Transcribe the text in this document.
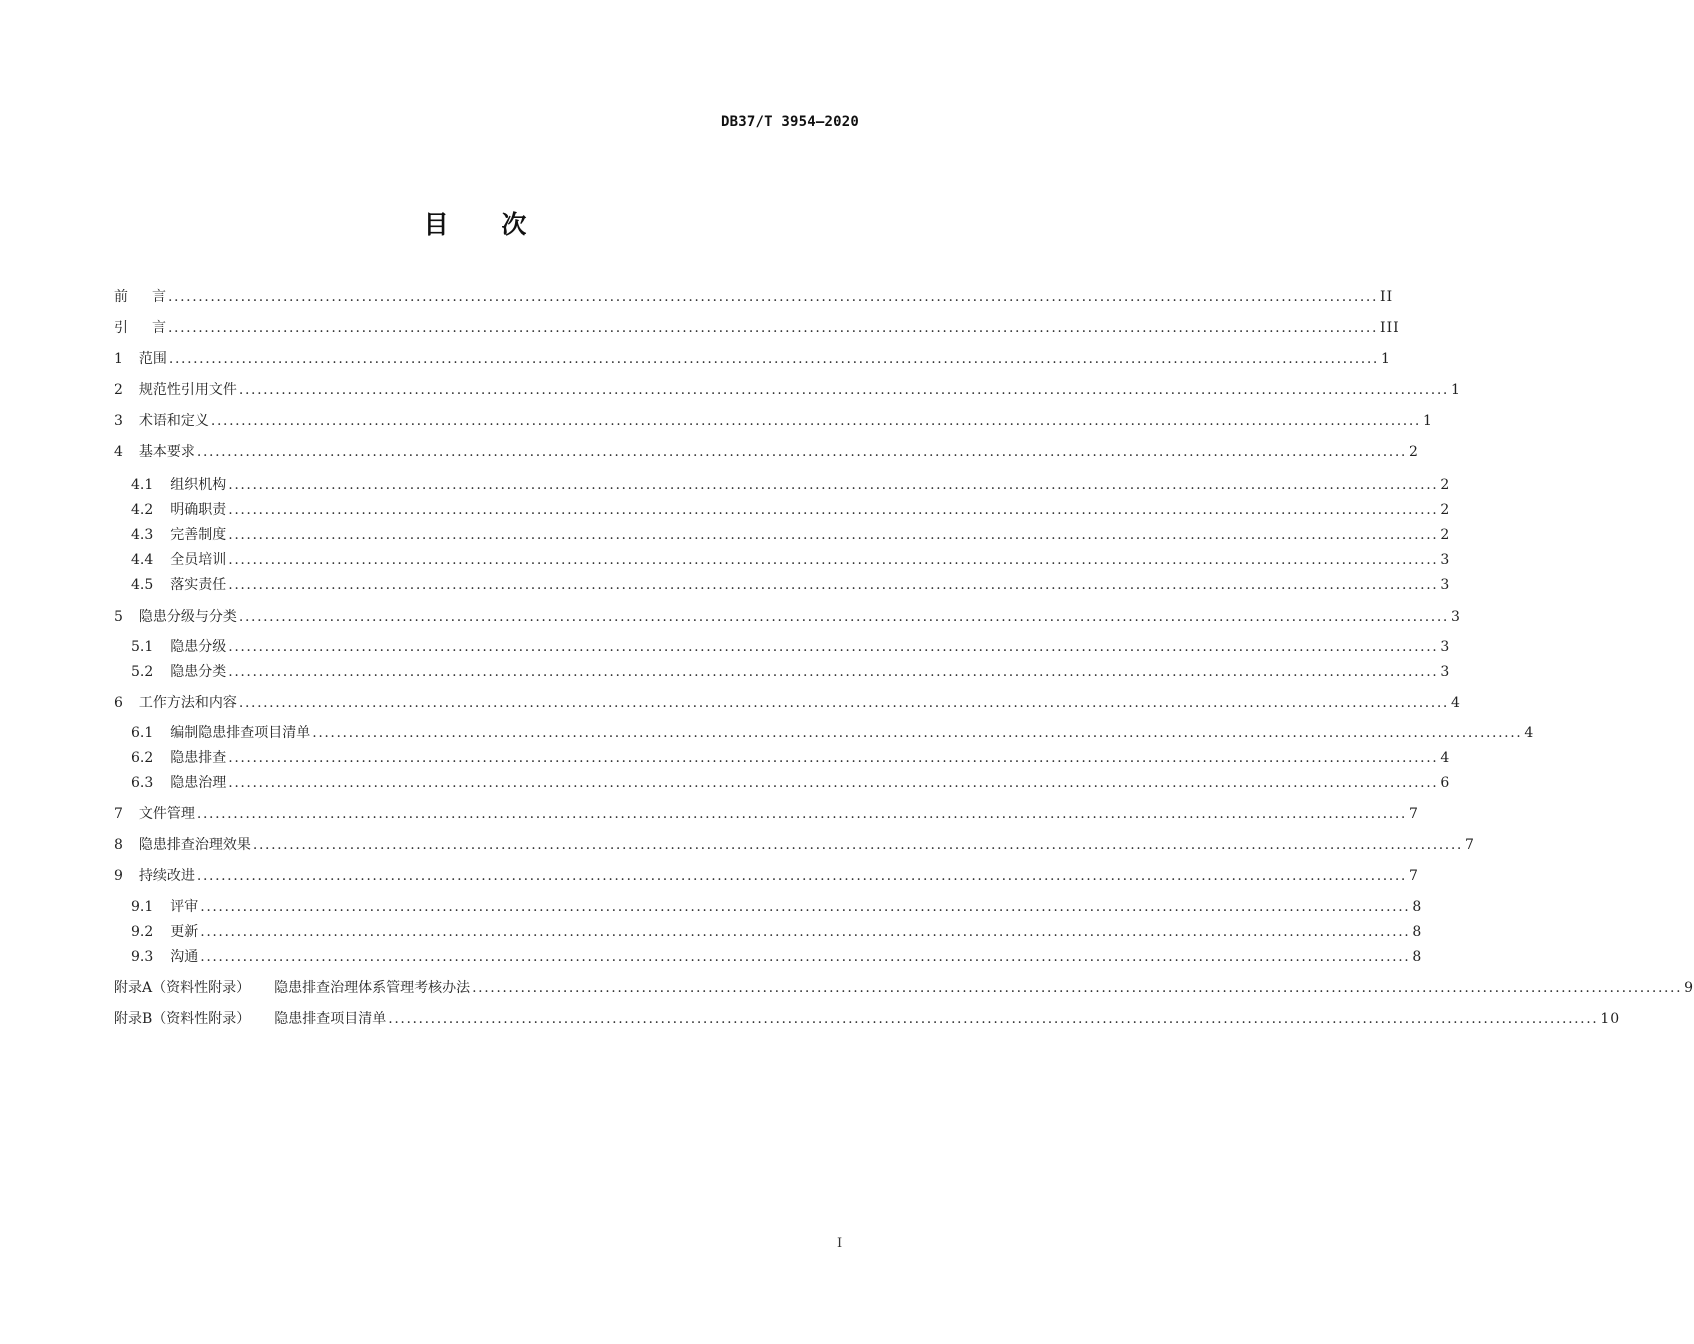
DB37/T 3954—2020
目 次
前 言 ........................................................................................................................................................................................................ II
引 言 ........................................................................................................................................................................................................ III
1 范围 ........................................................................................................................................................................................................ 1
2 规范性引用文件 ........................................................................................................................................................................................................ 1
3 术语和定义 ........................................................................................................................................................................................................ 1
4 基本要求 ........................................................................................................................................................................................................ 2
4.1 组织机构 ........................................................................................................................................................................................................ 2
4.2 明确职责 ........................................................................................................................................................................................................ 2
4.3 完善制度 ........................................................................................................................................................................................................ 2
4.4 全员培训 ........................................................................................................................................................................................................ 3
4.5 落实责任 ........................................................................................................................................................................................................ 3
5 隐患分级与分类 ........................................................................................................................................................................................................ 3
5.1 隐患分级 ........................................................................................................................................................................................................ 3
5.2 隐患分类 ........................................................................................................................................................................................................ 3
6 工作方法和内容 ........................................................................................................................................................................................................ 4
6.1 编制隐患排查项目清单 ........................................................................................................................................................................................................ 4
6.2 隐患排查 ........................................................................................................................................................................................................ 4
6.3 隐患治理 ........................................................................................................................................................................................................ 6
7 文件管理 ........................................................................................................................................................................................................ 7
8 隐患排查治理效果 ........................................................................................................................................................................................................ 7
9 持续改进 ........................................................................................................................................................................................................ 7
9.1 评审 ........................................................................................................................................................................................................ 8
9.2 更新 ........................................................................................................................................................................................................ 8
9.3 沟通 ........................................................................................................................................................................................................ 8
附录A（资料性附录） 隐患排查治理体系管理考核办法 ........................................................................................................................................................................................................ 9
附录B（资料性附录） 隐患排查项目清单 ........................................................................................................................................................................................................ 10
I
